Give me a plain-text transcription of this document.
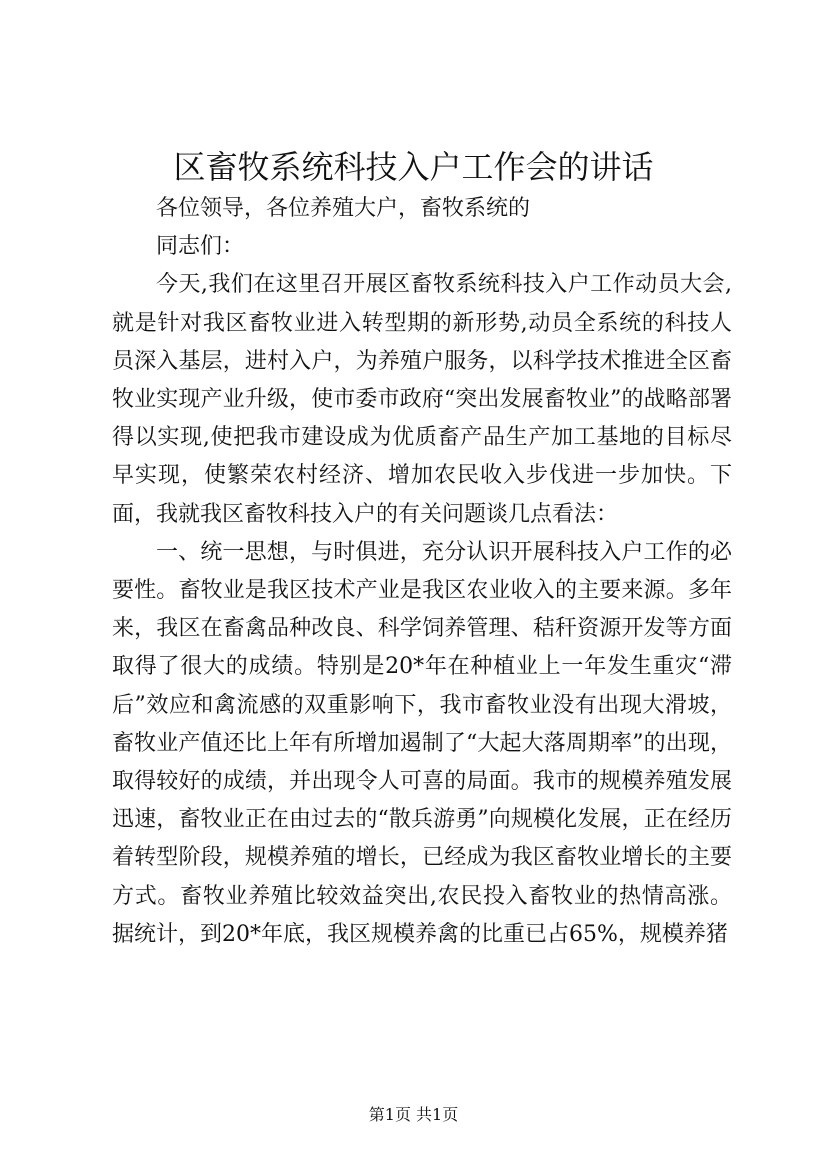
区畜牧系统科技入户工作会的讲话

各位领导，各位养殖大户，畜牧系统的

同志们：

今天,我们在这里召开展区畜牧系统科技入户工作动员大会,就是针对我区畜牧业进入转型期的新形势,动员全系统的科技人员深入基层，进村入户，为养殖户服务，以科学技术推进全区畜牧业实现产业升级，使市委市政府“突出发展畜牧业”的战略部署得以实现,使把我市建设成为优质畜产品生产加工基地的目标尽早实现，使繁荣农村经济、增加农民收入步伐进一步加快。下面，我就我区畜牧科技入户的有关问题谈几点看法：

一、统一思想，与时俱进，充分认识开展科技入户工作的必要性。畜牧业是我区技术产业是我区农业收入的主要来源。多年来，我区在畜禽品种改良、科学饲养管理、秸秆资源开发等方面取得了很大的成绩。特别是20*年在种植业上一年发生重灾“滞后”效应和禽流感的双重影响下，我市畜牧业没有出现大滑坡，畜牧业产值还比上年有所增加遏制了“大起大落周期率”的出现，取得较好的成绩，并出现令人可喜的局面。我市的规模养殖发展迅速，畜牧业正在由过去的“散兵游勇”向规模化发展，正在经历着转型阶段，规模养殖的增长，已经成为我区畜牧业增长的主要方式。畜牧业养殖比较效益突出,农民投入畜牧业的热情高涨。据统计，到20*年底，我区规模养禽的比重已占65%，规模养猪

第1页 共1页
